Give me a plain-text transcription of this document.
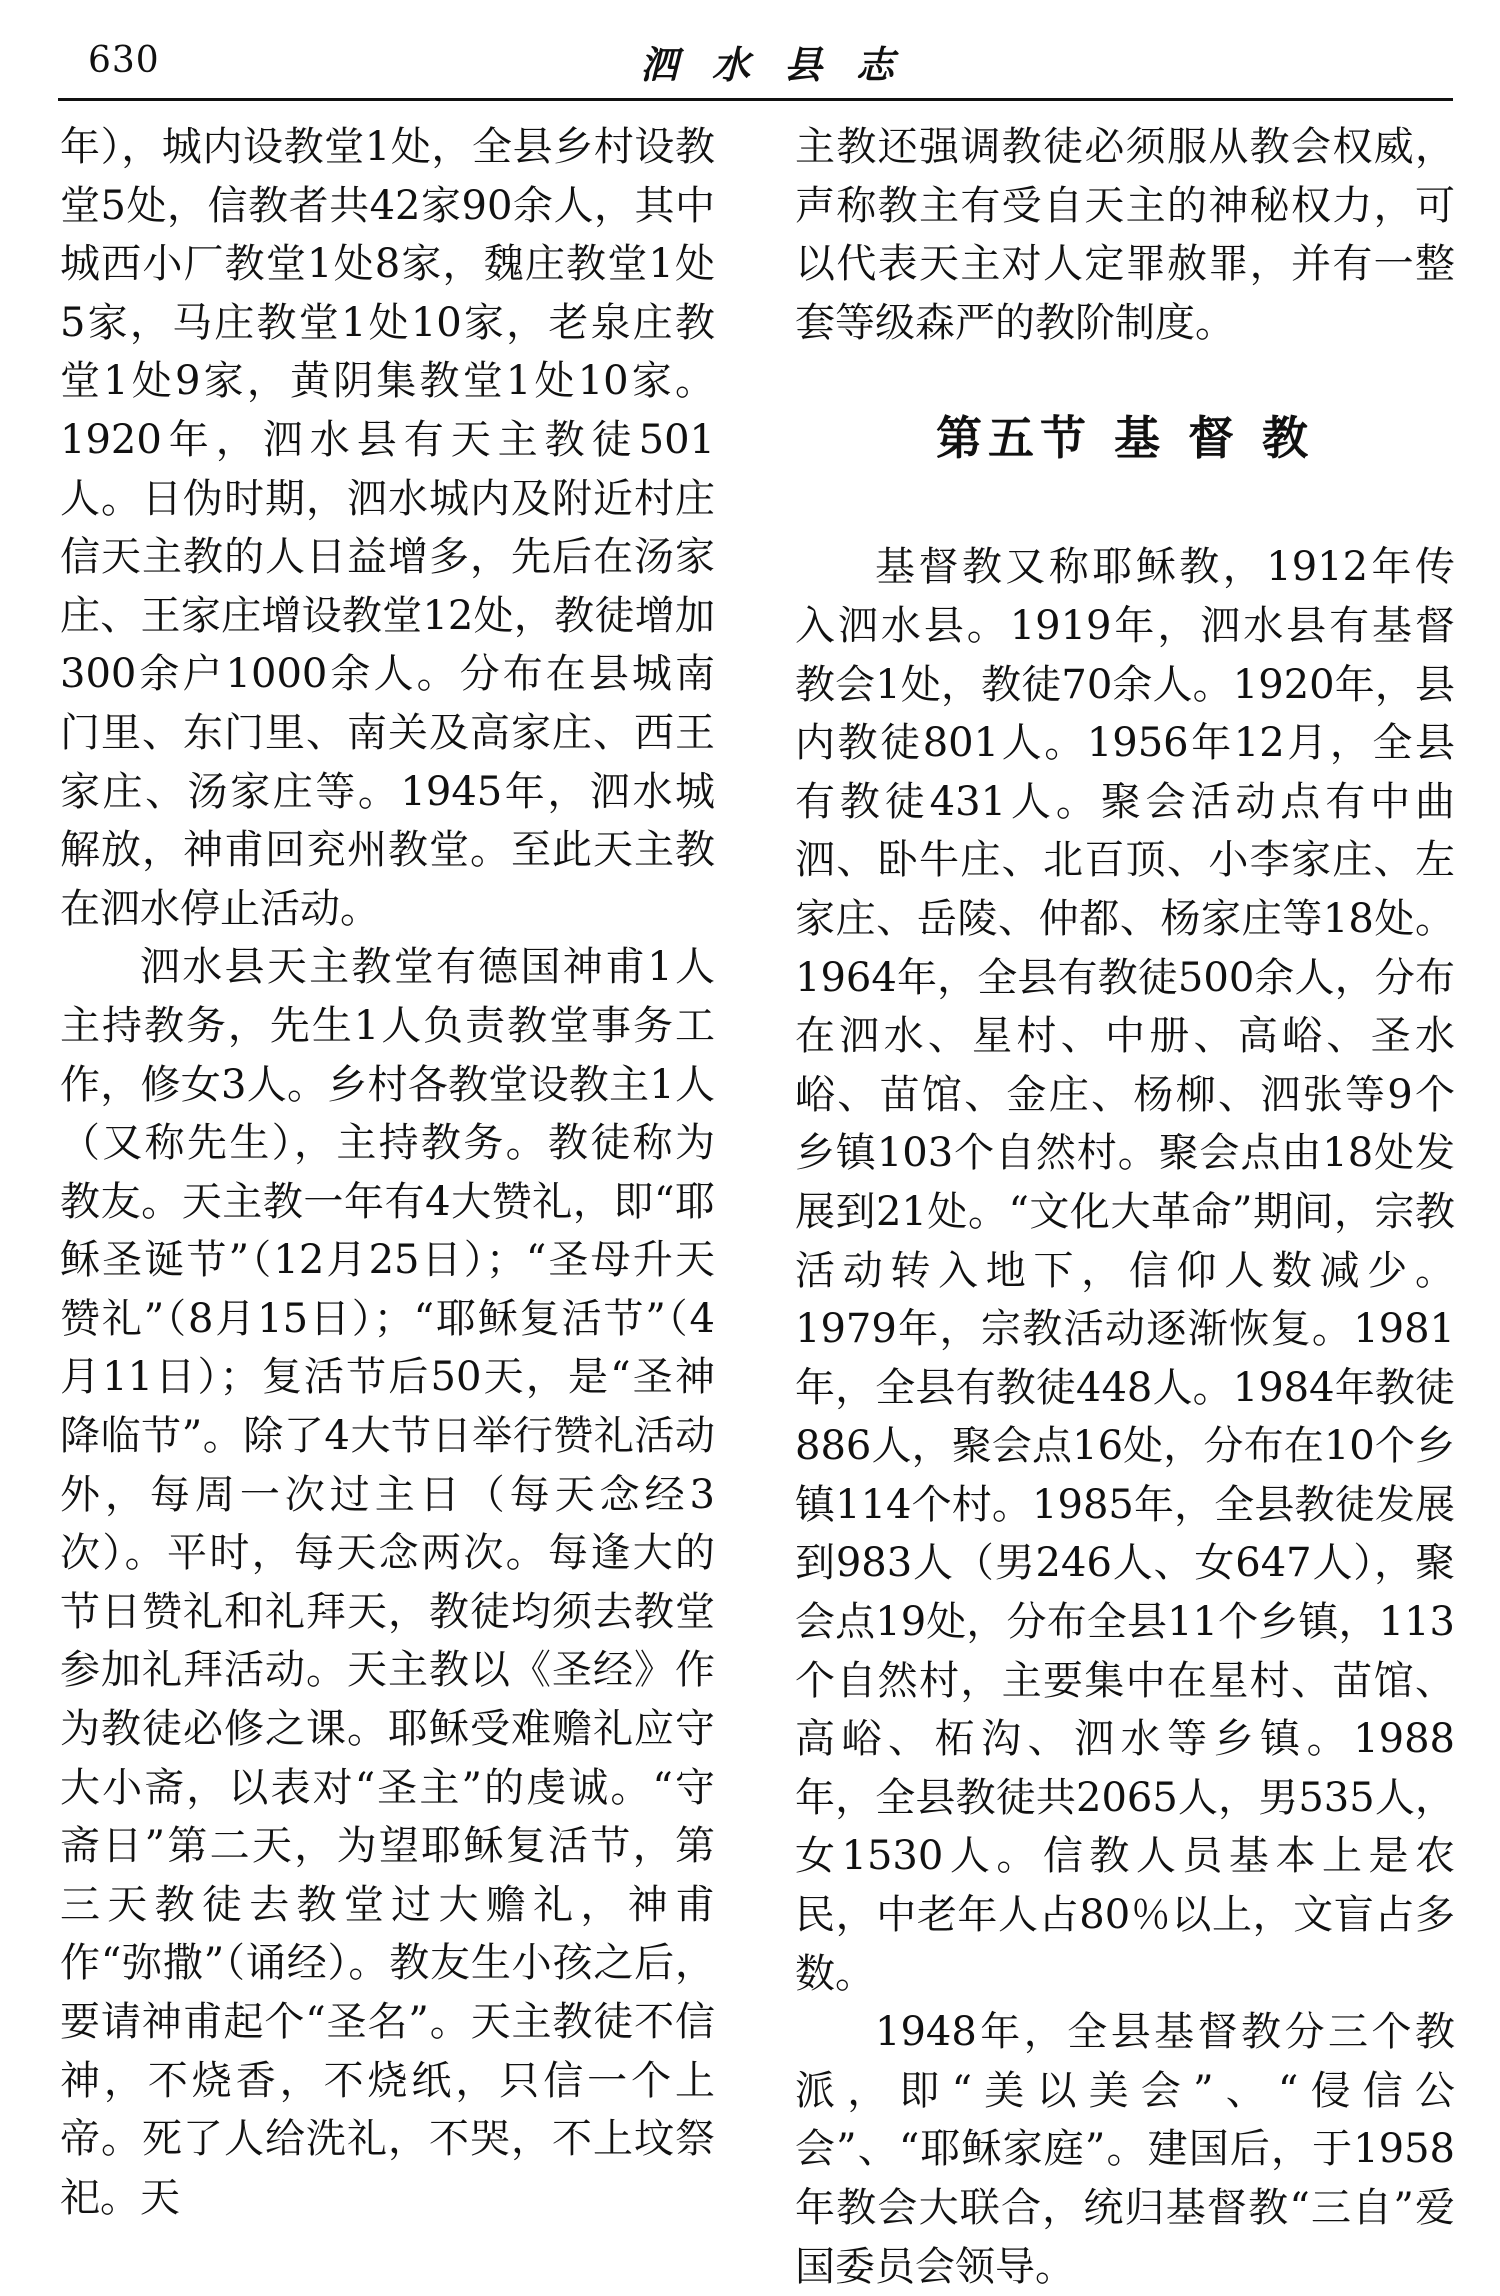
630	泗水县志

年），城内设教堂1处，全县乡村设教堂5处，信教者共42家90余人，其中城西小厂教堂1处8家，魏庄教堂1处5家，马庄教堂1处10家，老泉庄教堂1处9家，黄阴集教堂1处10家。1920年，泗水县有天主教徒501人。日伪时期，泗水城内及附近村庄信天主教的人日益增多，先后在汤家庄、王家庄增设教堂12处，教徒增加300余户1000余人。分布在县城南门里、东门里、南关及高家庄、西王家庄、汤家庄等。1945年，泗水城解放，神甫回兖州教堂。至此天主教在泗水停止活动。

泗水县天主教堂有德国神甫1人主持教务，先生1人负责教堂事务工作，修女3人。乡村各教堂设教主1人（又称先生），主持教务。教徒称为教友。天主教一年有4大赞礼，即“耶稣圣诞节”（12月25日）；“圣母升天赞礼”（8月15日）；“耶稣复活节”（4月11日）；复活节后50天，是“圣神降临节”。除了4大节日举行赞礼活动外，每周一次过主日（每天念经3次）。平时，每天念两次。每逢大的节日赞礼和礼拜天，教徒均须去教堂参加礼拜活动。天主教以《圣经》作为教徒必修之课。耶稣受难赡礼应守大小斋，以表对“圣主”的虔诚。“守斋日”第二天，为望耶稣复活节，第三天教徒去教堂过大赡礼，神甫作“弥撒”（诵经）。教友生小孩之后，要请神甫起个“圣名”。天主教徒不信神，不烧香，不烧纸，只信一个上帝。死了人给洗礼，不哭，不上坟祭祀。天

主教还强调教徒必须服从教会权威，声称教主有受自天主的神秘权力，可以代表天主对人定罪赦罪，并有一整套等级森严的教阶制度。

第五节 基 督 教

基督教又称耶稣教，1912年传入泗水县。1919年，泗水县有基督教会1处，教徒70余人。1920年，县内教徒801人。1956年12月，全县有教徒431人。聚会活动点有中曲泗、卧牛庄、北百顶、小李家庄、左家庄、岳陵、仲都、杨家庄等18处。1964年，全县有教徒500余人，分布在泗水、星村、中册、高峪、圣水峪、苗馆、金庄、杨柳、泗张等9个乡镇103个自然村。聚会点由18处发展到21处。“文化大革命”期间，宗教活动转入地下，信仰人数减少。1979年，宗教活动逐渐恢复。1981年，全县有教徒448人。1984年教徒886人，聚会点16处，分布在10个乡镇114个村。1985年，全县教徒发展到983人（男246人、女647人），聚会点19处，分布全县11个乡镇，113个自然村，主要集中在星村、苗馆、高峪、柘沟、泗水等乡镇。1988年，全县教徒共2065人，男535人，女1530人。信教人员基本上是农民，中老年人占80％以上，文盲占多数。

1948年，全县基督教分三个教派，即“美以美会”、“侵信公会”、“耶稣家庭”。建国后，于1958年教会大联合，统归基督教“三自”爱国委员会领导。
